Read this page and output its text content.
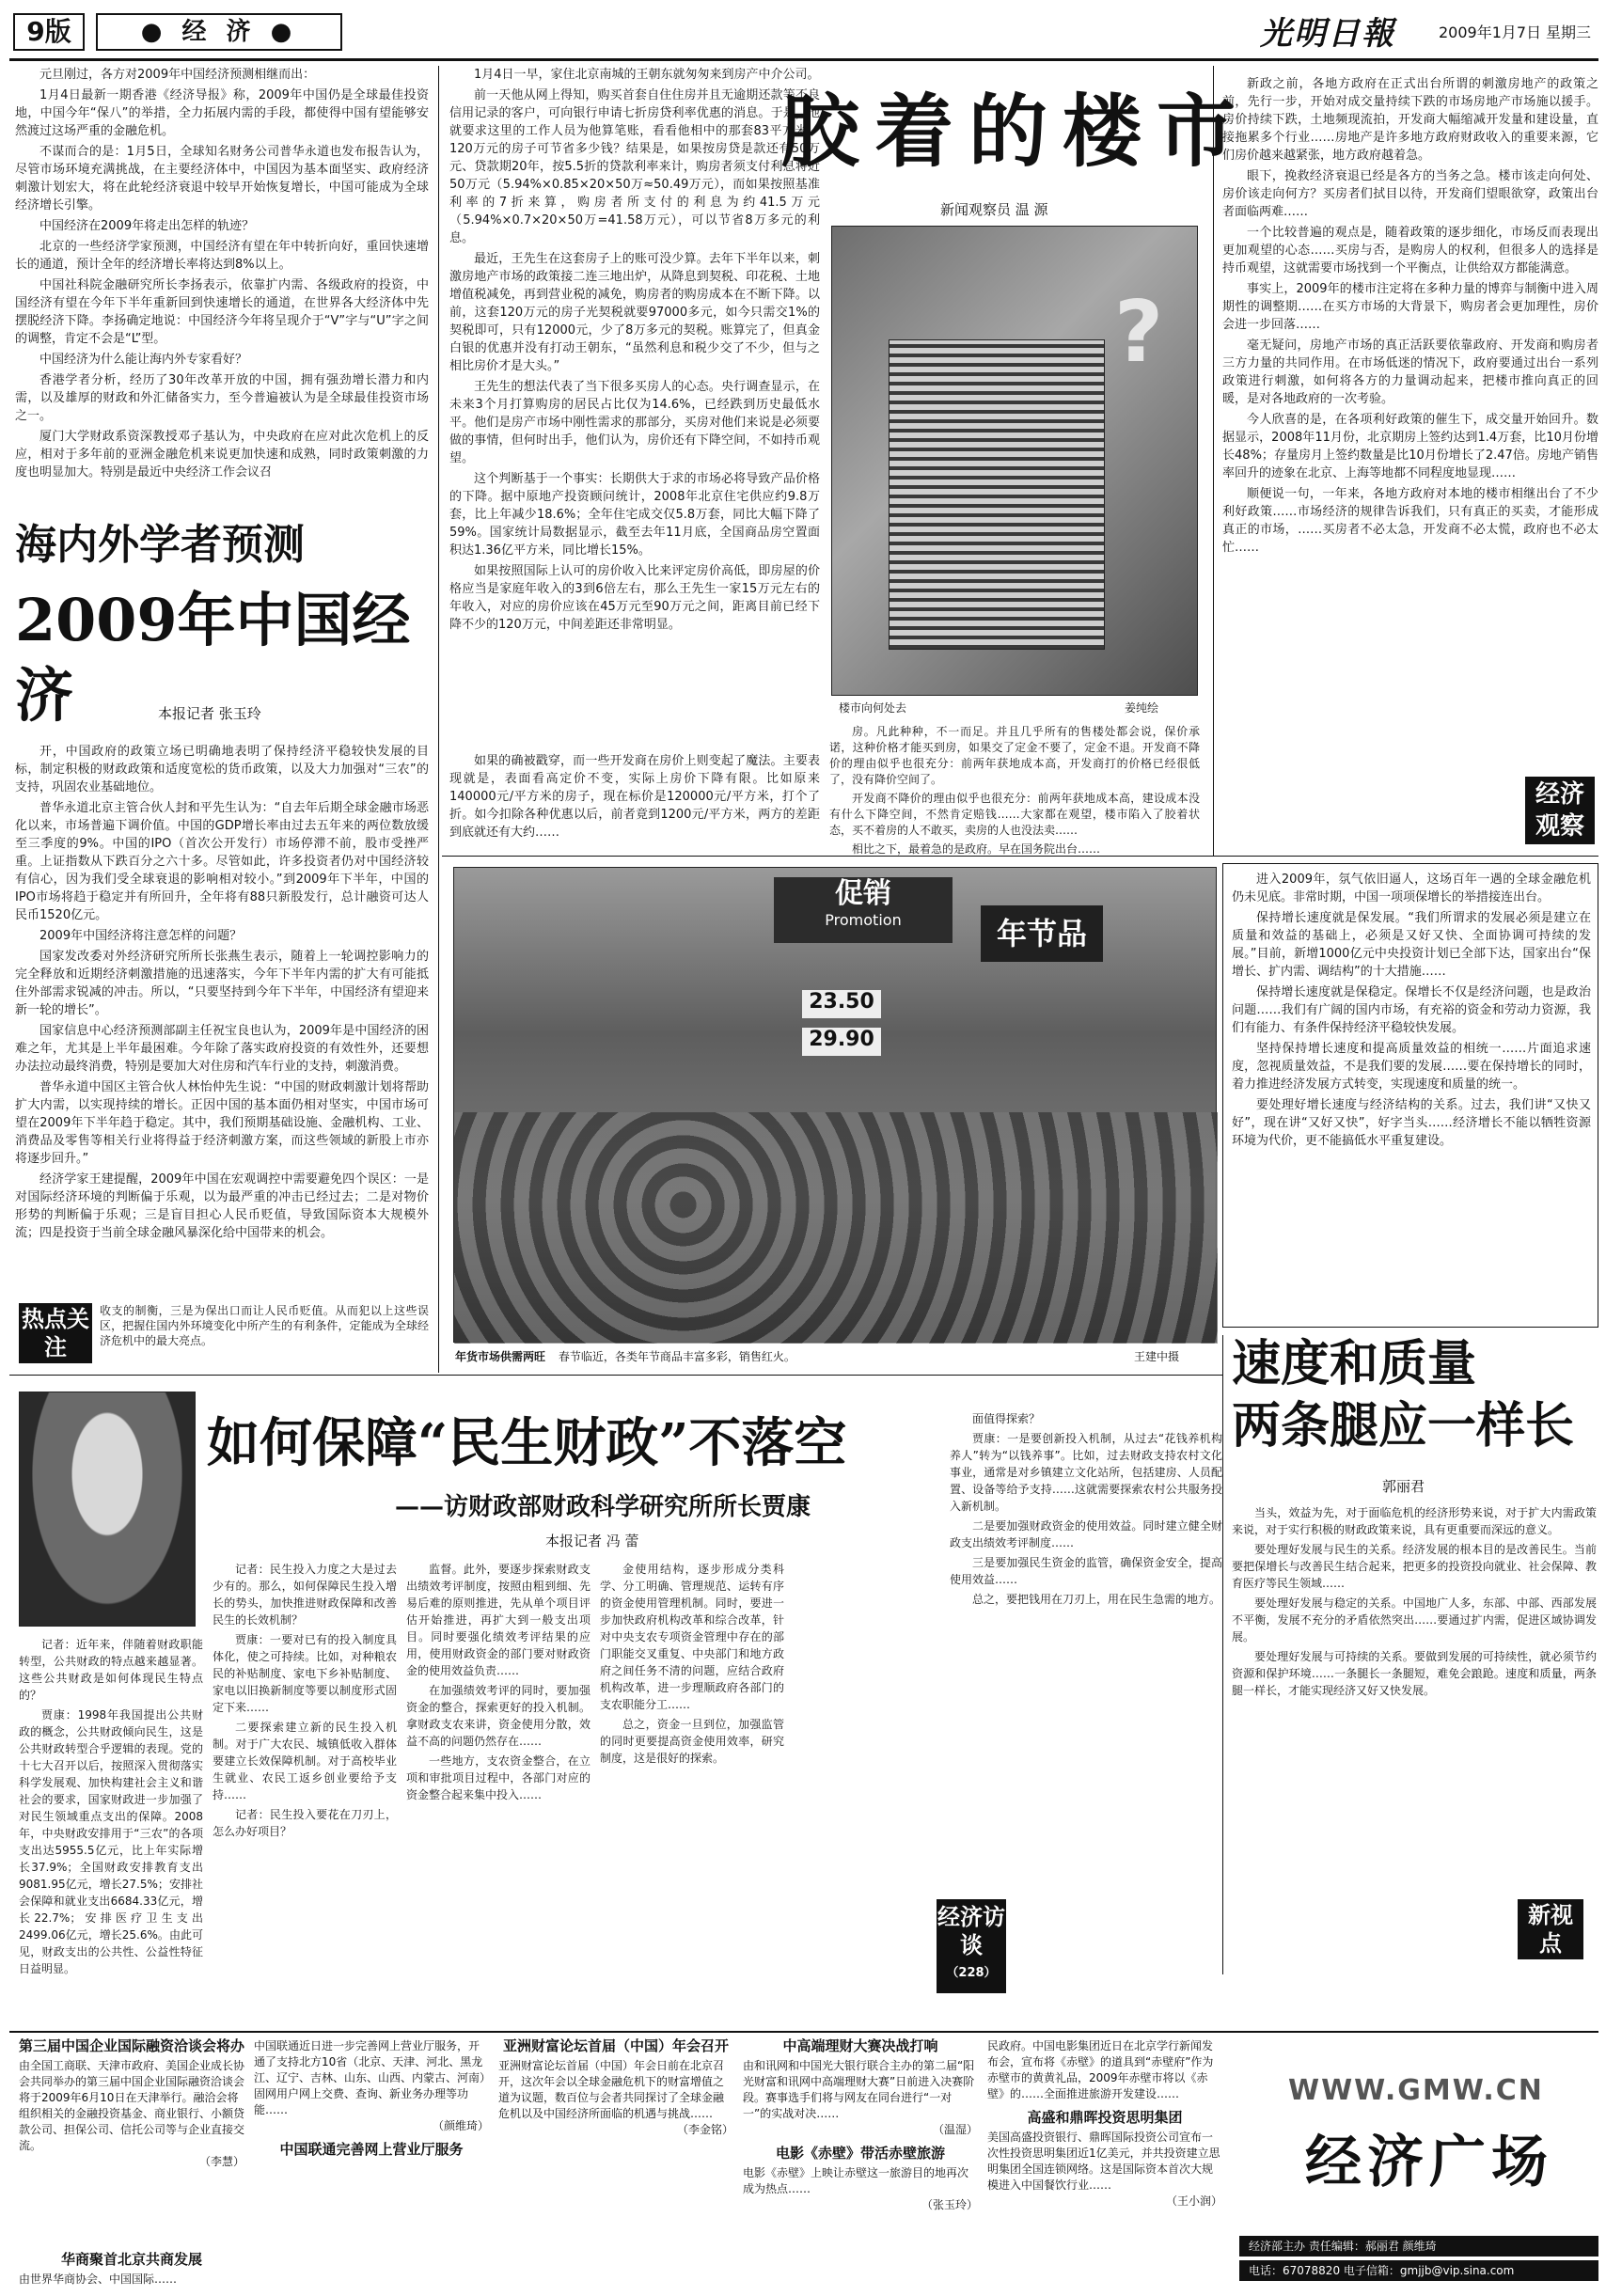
9版	● 经 济 ●	光明日報	2009年1月7日 星期三

元旦刚过，各方对2009年中国经济预测相继而出：

1月4日最新一期香港《经济导报》称，2009年中国仍是全球最佳投资地，中国今年“保八”的举措，全力拓展内需的手段，都使得中国有望能够安然渡过这场严重的金融危机。

不谋而合的是：1月5日，全球知名财务公司普华永道也发布报告认为，尽管市场环境充满挑战，在主要经济体中，中国因为基本面坚实、政府经济刺激计划宏大，将在此轮经济衰退中较早开始恢复增长，中国可能成为全球经济增长引擎。

中国经济在2009年将走出怎样的轨迹？

北京的一些经济学家预测，中国经济有望在年中转折向好，重回快速增长的通道，预计全年的经济增长率将达到8%以上。

中国社科院金融研究所长李扬表示，依靠扩内需、各级政府的投资，中国经济有望在今年下半年重新回到快速增长的通道，在世界各大经济体中先摆脱经济下降。李扬确定地说：中国经济今年将呈现介于“V”字与“U”字之间的调整，肯定不会是“L”型。

中国经济为什么能让海内外专家看好？

香港学者分析，经历了30年改革开放的中国，拥有强劲增长潜力和内需，以及雄厚的财政和外汇储备实力，至今普遍被认为是全球最佳投资市场之一。

厦门大学财政系资深教授邓子基认为，中央政府在应对此次危机上的反应，相对于多年前的亚洲金融危机来说更加快速和成熟，同时政策刺激的力度也明显加大。特别是最近中央经济工作会议召

海内外学者预测
2009年中国经济	本报记者 张玉玲

开，中国政府的政策立场已明确地表明了保持经济平稳较快发展的目标，制定积极的财政政策和适度宽松的货币政策，以及大力加强对“三农”的支持，巩固农业基础地位。

普华永道北京主管合伙人封和平先生认为：“自去年后期全球金融市场恶化以来，市场普遍下调价值。中国的GDP增长率由过去五年来的两位数放缓至三季度的9%。中国的IPO（首次公开发行）市场停滞不前，股市受挫严重。上证指数从下跌百分之六十多。尽管如此，许多投资者仍对中国经济较有信心，因为我们受全球衰退的影响相对较小。”到2009年下半年，中国的IPO市场将趋于稳定并有所回升，全年将有88只新股发行，总计融资可达人民币1520亿元。

2009年中国经济将注意怎样的问题？

国家发改委对外经济研究所所长张燕生表示，随着上一轮调控影响力的完全释放和近期经济刺激措施的迅速落实，今年下半年内需的扩大有可能抵住外部需求锐减的冲击。所以，“只要坚持到今年下半年，中国经济有望迎来新一轮的增长”。

国家信息中心经济预测部副主任祝宝良也认为，2009年是中国经济的困难之年，尤其是上半年最困难。今年除了落实政府投资的有效性外，还要想办法拉动最终消费，特别是要加大对住房和汽车行业的支持，刺激消费。

普华永道中国区主管合伙人林怡仲先生说：“中国的财政刺激计划将帮助扩大内需，以实现持续的增长。正因中国的基本面仍相对坚实，中国市场可望在2009年下半年趋于稳定。其中，我们预期基础设施、金融机构、工业、消费品及零售等相关行业将得益于经济刺激方案，而这些领域的新股上市亦将逐步回升。”

经济学家王建提醒，2009年中国在宏观调控中需要避免四个误区：一是对国际经济环境的判断偏于乐观，以为最严重的冲击已经过去；二是对物价形势的判断偏于乐观；三是盲目担心人民币贬值，导致国际资本大规模外流；四是投资于当前全球金融风暴深化给中国带来的机会。

热点关注
收支的制衡，三是为保出口而让人民币贬值。从而犯以上这些误区，把握住国内外环境变化中所产生的有利条件，定能成为全球经济危机中的最大亮点。

1月4日一早，家住北京南城的王朝东就匆匆来到房产中介公司。

前一天他从网上得知，购买首套自住住房并且无逾期还款等不良信用记录的客户，可向银行申请七折房贷利率优惠的消息。于是，他就要求这里的工作人员为他算笔账，看看他相中的那套83平方米、120万元的房子可节省多少钱？结果是，如果按房贷是款还有50万元、贷款期20年，按5.5折的贷款利率来计，购房者须支付利息将近50万元（5.94%×0.85×20×50万≈50.49万元），而如果按照基准利率的7折来算，购房者所支付的利息为约41.5万元（5.94%×0.7×20×50万=41.58万元），可以节省8万多元的利息。

最近，王先生在这套房子上的账可没少算。去年下半年以来，刺激房地产市场的政策接二连三地出炉，从降息到契税、印花税、土地增值税减免，再到营业税的减免，购房者的购房成本在不断下降。以前，这套120万元的房子光契税就要97000多元，如今只需交1%的契税即可，只有12000元，少了8万多元的契税。账算完了，但真金白银的优惠并没有打动王朝东，“虽然利息和税少交了不少，但与之相比房价才是大头。”

王先生的想法代表了当下很多买房人的心态。央行调查显示，在未来3个月打算购房的居民占比仅为14.6%，已经跌到历史最低水平。他们是房产市场中刚性需求的那部分，买房对他们来说是必须要做的事情，但何时出手，他们认为，房价还有下降空间，不如持币观望。

这个判断基于一个事实：长期供大于求的市场必将导致产品价格的下降。据中原地产投资顾问统计，2008年北京住宅供应约9.8万套，比上年减少18.6%；全年住宅成交仅5.8万套，同比大幅下降了59%。国家统计局数据显示，截至去年11月底，全国商品房空置面积达1.36亿平方米，同比增长15%。

如果按照国际上认可的房价收入比来评定房价高低，即房屋的价格应当是家庭年收入的3到6倍左右，那么王先生一家15万元左右的年收入，对应的房价应该在45万元至90万元之间，距离目前已经下降不少的120万元，中间差距还非常明显。

如果的确被戳穿，而一些开发商在房价上则变起了魔法。主要表现就是，表面看高定价不变，实际上房价下降有限。比如原来140000元/平方米的房子，现在标价是120000元/平方米，打个了折。如今扣除各种优惠以后，前者竟到1200元/平方米，两方的差距到底就还有大约……

胶着的楼市
新闻观察员 温 源
?
楼市向何处去	姜纯绘

房。凡此种种，不一而足。并且几乎所有的售楼处都会说，保价承诺，这种价格才能买到房，如果交了定金不要了，定金不退。开发商不降价的理由似乎也很充分：前两年获地成本高，开发商打的价格已经很低了，没有降价空间了。

开发商不降价的理由似乎也很充分：前两年获地成本高，建设成本没有什么下降空间，不然肯定赔钱……大家都在观望，楼市陷入了胶着状态，买不着房的人不敢买，卖房的人也没法卖……

相比之下，最着急的是政府。早在国务院出台……

新政之前，各地方政府在正式出台所谓的刺激房地产的政策之前，先行一步，开始对成交量持续下跌的市场房地产市场施以援手。房价持续下跌，土地频现流拍，开发商大幅缩减开发量和建设量，直接拖累多个行业……房地产是许多地方政府财政收入的重要来源，它们房价越来越紧张，地方政府越着急。

眼下，挽救经济衰退已经是各方的当务之急。楼市该走向何处、房价该走向何方？买房者们拭目以待，开发商们望眼欲穿，政策出台者面临两难……

一个比较普遍的观点是，随着政策的逐步细化，市场反而表现出更加观望的心态……买房与否，是购房人的权利，但很多人的选择是持币观望，这就需要市场找到一个平衡点，让供给双方都能满意。

事实上，2009年的楼市注定将在多种力量的博弈与制衡中进入周期性的调整期……在买方市场的大背景下，购房者会更加理性，房价会进一步回落……

毫无疑问，房地产市场的真正活跃要依靠政府、开发商和购房者三方力量的共同作用。在市场低迷的情况下，政府要通过出台一系列政策进行刺激，如何将各方的力量调动起来，把楼市推向真正的回暖，是对各地政府的一次考验。

今人欣喜的是，在各项利好政策的催生下，成交量开始回升。数据显示，2008年11月份，北京期房上签约达到1.4万套，比10月份增长48%；存量房月上签约数量是比10月份增长了2.47倍。房地产销售率回升的迹象在北京、上海等地都不同程度地显现……

顺便说一句，一年来，各地方政府对本地的楼市相继出台了不少利好政策……市场经济的规律告诉我们，只有真正的买卖，才能形成真正的市场，……买房者不必太急，开发商不必太慌，政府也不必太忙……

经济观察
促销
Promotion
23.50
29.90
年节品
年货市场供需两旺 春节临近，各类年节商品丰富多彩，销售红火。	王建中摄

进入2009年，氛气依旧逼人，这场百年一遇的全球金融危机仍未见底。非常时期，中国一项项保增长的举措接连出台。

保持增长速度就是保发展。“我们所谓求的发展必须是建立在质量和效益的基础上，必须是又好又快、全面协调可持续的发展。”目前，新增1000亿元中央投资计划已全部下达，国家出台“保增长、扩内需、调结构”的十大措施……

保持增长速度就是保稳定。保增长不仅是经济问题，也是政治问题……我们有广阔的国内市场，有充裕的资金和劳动力资源，我们有能力、有条件保持经济平稳较快发展。

坚持保持增长速度和提高质量效益的相统一……片面追求速度，忽视质量效益，不是我们要的发展……要在保持增长的同时，着力推进经济发展方式转变，实现速度和质量的统一。

要处理好增长速度与经济结构的关系。过去，我们讲“又快又好”，现在讲“又好又快”，好字当头……经济增长不能以牺牲资源环境为代价，更不能搞低水平重复建设。

速度和质量
两条腿应一样长
郭丽君

当头，效益为先，对于面临危机的经济形势来说，对于扩大内需政策来说，对于实行积极的财政政策来说，具有更重要而深远的意义。

要处理好发展与民生的关系。经济发展的根本目的是改善民生。当前要把保增长与改善民生结合起来，把更多的投资投向就业、社会保障、教育医疗等民生领域……

要处理好发展与稳定的关系。中国地广人多，东部、中部、西部发展不平衡，发展不充分的矛盾依然突出……要通过扩内需，促进区域协调发展。

要处理好发展与可持续的关系。要做到发展的可持续性，就必须节约资源和保护环境……一条腿长一条腿短，难免会踉跄。速度和质量，两条腿一样长，才能实现经济又好又快发展。

新视点
如何保障“民生财政”不落空
——访财政部财政科学研究所所长贾康
本报记者 冯 蕾

记者：近年来，伴随着财政职能转型，公共财政的特点越来越显著。这些公共财政是如何体现民生特点的？

贾康：1998年我国提出公共财政的概念，公共财政倾向民生，这是公共财政转型合乎逻辑的表现。党的十七大召开以后，按照深入贯彻落实科学发展观、加快构建社会主义和谐社会的要求，国家财政进一步加强了对民生领域重点支出的保障。2008年，中央财政安排用于“三农”的各项支出达5955.5亿元，比上年实际增长37.9%；全国财政安排教育支出9081.95亿元，增长27.5%；安排社会保障和就业支出6684.33亿元，增长22.7%；安排医疗卫生支出2499.06亿元，增长25.6%。由此可见，财政支出的公共性、公益性特征日益明显。

记者：民生投入力度之大是过去少有的。那么，如何保障民生投入增长的势头，加快推进财政保障和改善民生的长效机制？

贾康：一要对已有的投入制度具体化，使之可持续。比如，对种粮农民的补贴制度、家电下乡补贴制度、家电以旧换新制度等要以制度形式固定下来……

二要探索建立新的民生投入机制。对于广大农民、城镇低收入群体要建立长效保障机制。对于高校毕业生就业、农民工返乡创业要给予支持……

记者：民生投入要花在刀刃上，怎么办好项目？

监督。此外，要逐步探索财政支出绩效考评制度，按照由粗到细、先易后难的原则推进，先从单个项目评估开始推进，再扩大到一般支出项目。同时要强化绩效考评结果的应用，使用财政资金的部门要对财政资金的使用效益负责……

在加强绩效考评的同时，要加强资金的整合，探索更好的投入机制。拿财政支农来讲，资金使用分散，效益不高的问题仍然存在……

一些地方，支农资金整合，在立项和审批项目过程中，各部门对应的资金整合起来集中投入……

金使用结构，逐步形成分类科学、分工明确、管理规范、运转有序的资金使用管理机制。同时，要进一步加快政府机构改革和综合改革，针对中央支农专项资金管理中存在的部门职能交叉重复、中央部门和地方政府之间任务不清的问题，应结合政府机构改革，进一步理顺政府各部门的支农职能分工……

总之，资金一旦到位，加强监管的同时更要提高资金使用效率，研究制度，这是很好的探索。

面值得探索？

贾康：一是要创新投入机制，从过去“花钱养机构养人”转为“以钱养事”。比如，过去财政支持农村文化事业，通常是对乡镇建立文化站所，包括建房、人员配置、设备等给予支持……这就需要探索农村公共服务投入新机制。

二是要加强财政资金的使用效益。同时建立健全财政支出绩效考评制度……

三是要加强民生资金的监管，确保资金安全，提高使用效益……

总之，要把钱用在刀刃上，用在民生急需的地方。

经济访谈
（228）
第三届中国企业国际融资洽谈会将办
由全国工商联、天津市政府、美国企业成长协会共同举办的第三届中国企业国际融资洽谈会将于2009年6月10日在天津举行。融洽会将组织相关的金融投资基金、商业银行、小额贷款公司、担保公司、信托公司等与企业直接交流。
（李慧）
中国联通近日进一步完善网上营业厅服务，开通了支持北方10省（北京、天津、河北、黑龙江、辽宁、吉林、山东、山西、内蒙古、河南）固网用户网上交费、查询、新业务办理等功能……
（颜维琦）
中国联通完善网上营业厅服务
亚洲财富论坛首届（中国）年会召开
亚洲财富论坛首届（中国）年会日前在北京召开，这次年会以全球金融危机下的财富增值之道为议题，数百位与会者共同探讨了全球金融危机以及中国经济所面临的机遇与挑战……
（李金铭）
中高端理财大赛决战打响
由和讯网和中国光大银行联合主办的第二届“阳光财富和讯网中高端理财大赛”日前进入决赛阶段。赛事选手们将与网友在同台进行“一对一”的实战对决……
（温湿）
电影《赤壁》带活赤壁旅游
电影《赤壁》上映让赤壁这一旅游目的地再次成为热点……
（张玉玲）
民政府。中国电影集团近日在北京学行新闻发布会，宣布将《赤壁》的道具到“赤壁府”作为赤壁市的黄黄礼品，2009年赤壁市将以《赤壁》的……全面推进旅游开发建设……
高盛和鼎晖投资思明集团
美国高盛投资银行、鼎晖国际投资公司宣布一次性投资思明集团近1亿美元，并共投资建立思明集团全国连锁网络。这是国际资本首次大规模进入中国餐饮行业……
（王小润）
华商聚首北京共商发展
由世界华商协会、中国国际……
WWW.GMW.CN
经济广场
经济部主办 责任编辑：郝丽君 颜维琦
电话：67078820 电子信箱：gmjjb@vip.sina.com
